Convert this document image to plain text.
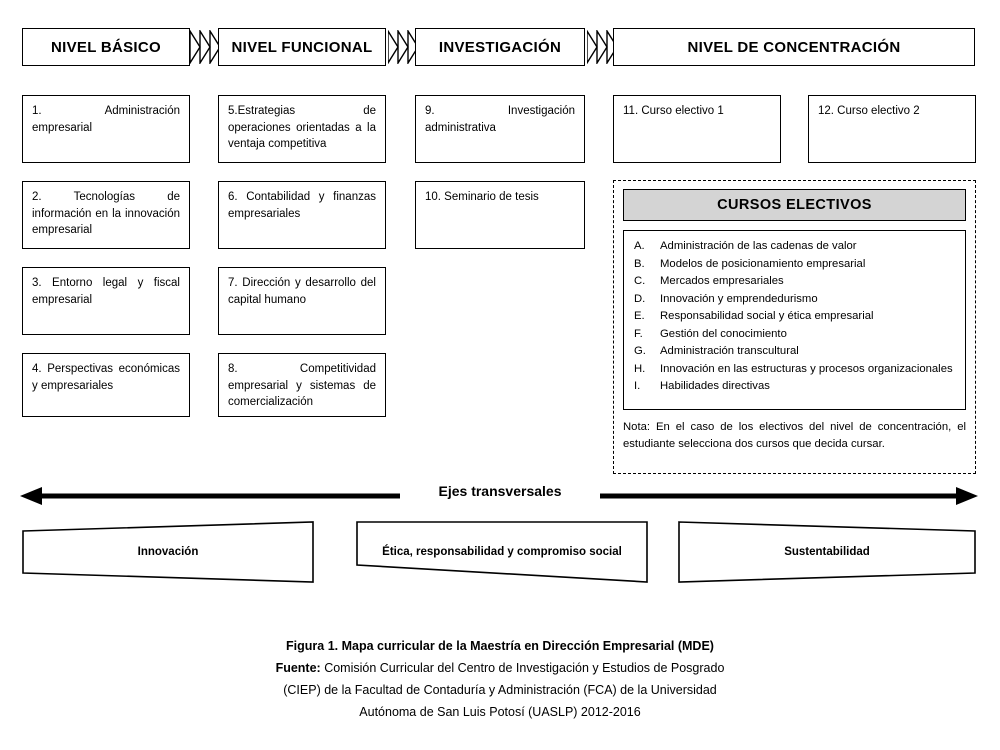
NIVEL BÁSICO	NIVEL FUNCIONAL	INVESTIGACIÓN	NIVEL DE CONCENTRACIÓN
1. Administración empresarial
2. Tecnologías de información en la innovación empresarial
3. Entorno legal y fiscal empresarial
4. Perspectivas económicas y empresariales
5.Estrategias de operaciones orientadas a la ventaja competitiva
6. Contabilidad y finanzas empresariales
7. Dirección y desarrollo del capital humano
8. Competitividad empresarial y sistemas de comercialización
9. Investigación administrativa
10. Seminario de tesis
11. Curso electivo 1	12. Curso electivo 2
CURSOS ELECTIVOS
A.	Administración de las cadenas de valor
B.	Modelos de posicionamiento empresarial
C.	Mercados empresariales
D.	Innovación y emprendedurismo
E.	Responsabilidad social y ética empresarial
F.	Gestión del conocimiento
G.	Administración transcultural
H.	Innovación en las estructuras y procesos organizacionales
I.	Habilidades directivas
Nota: En el caso de los electivos del nivel de concentración, el estudiante selecciona dos cursos que decida cursar.
Ejes transversales
Innovación	Ética, responsabilidad y compromiso social	Sustentabilidad
Figura 1. Mapa curricular de la Maestría en Dirección Empresarial (MDE)
Fuente: Comisión Curricular del Centro de Investigación y Estudios de Posgrado
(CIEP) de la Facultad de Contaduría y Administración (FCA) de la Universidad
Autónoma de San Luis Potosí (UASLP) 2012-2016
